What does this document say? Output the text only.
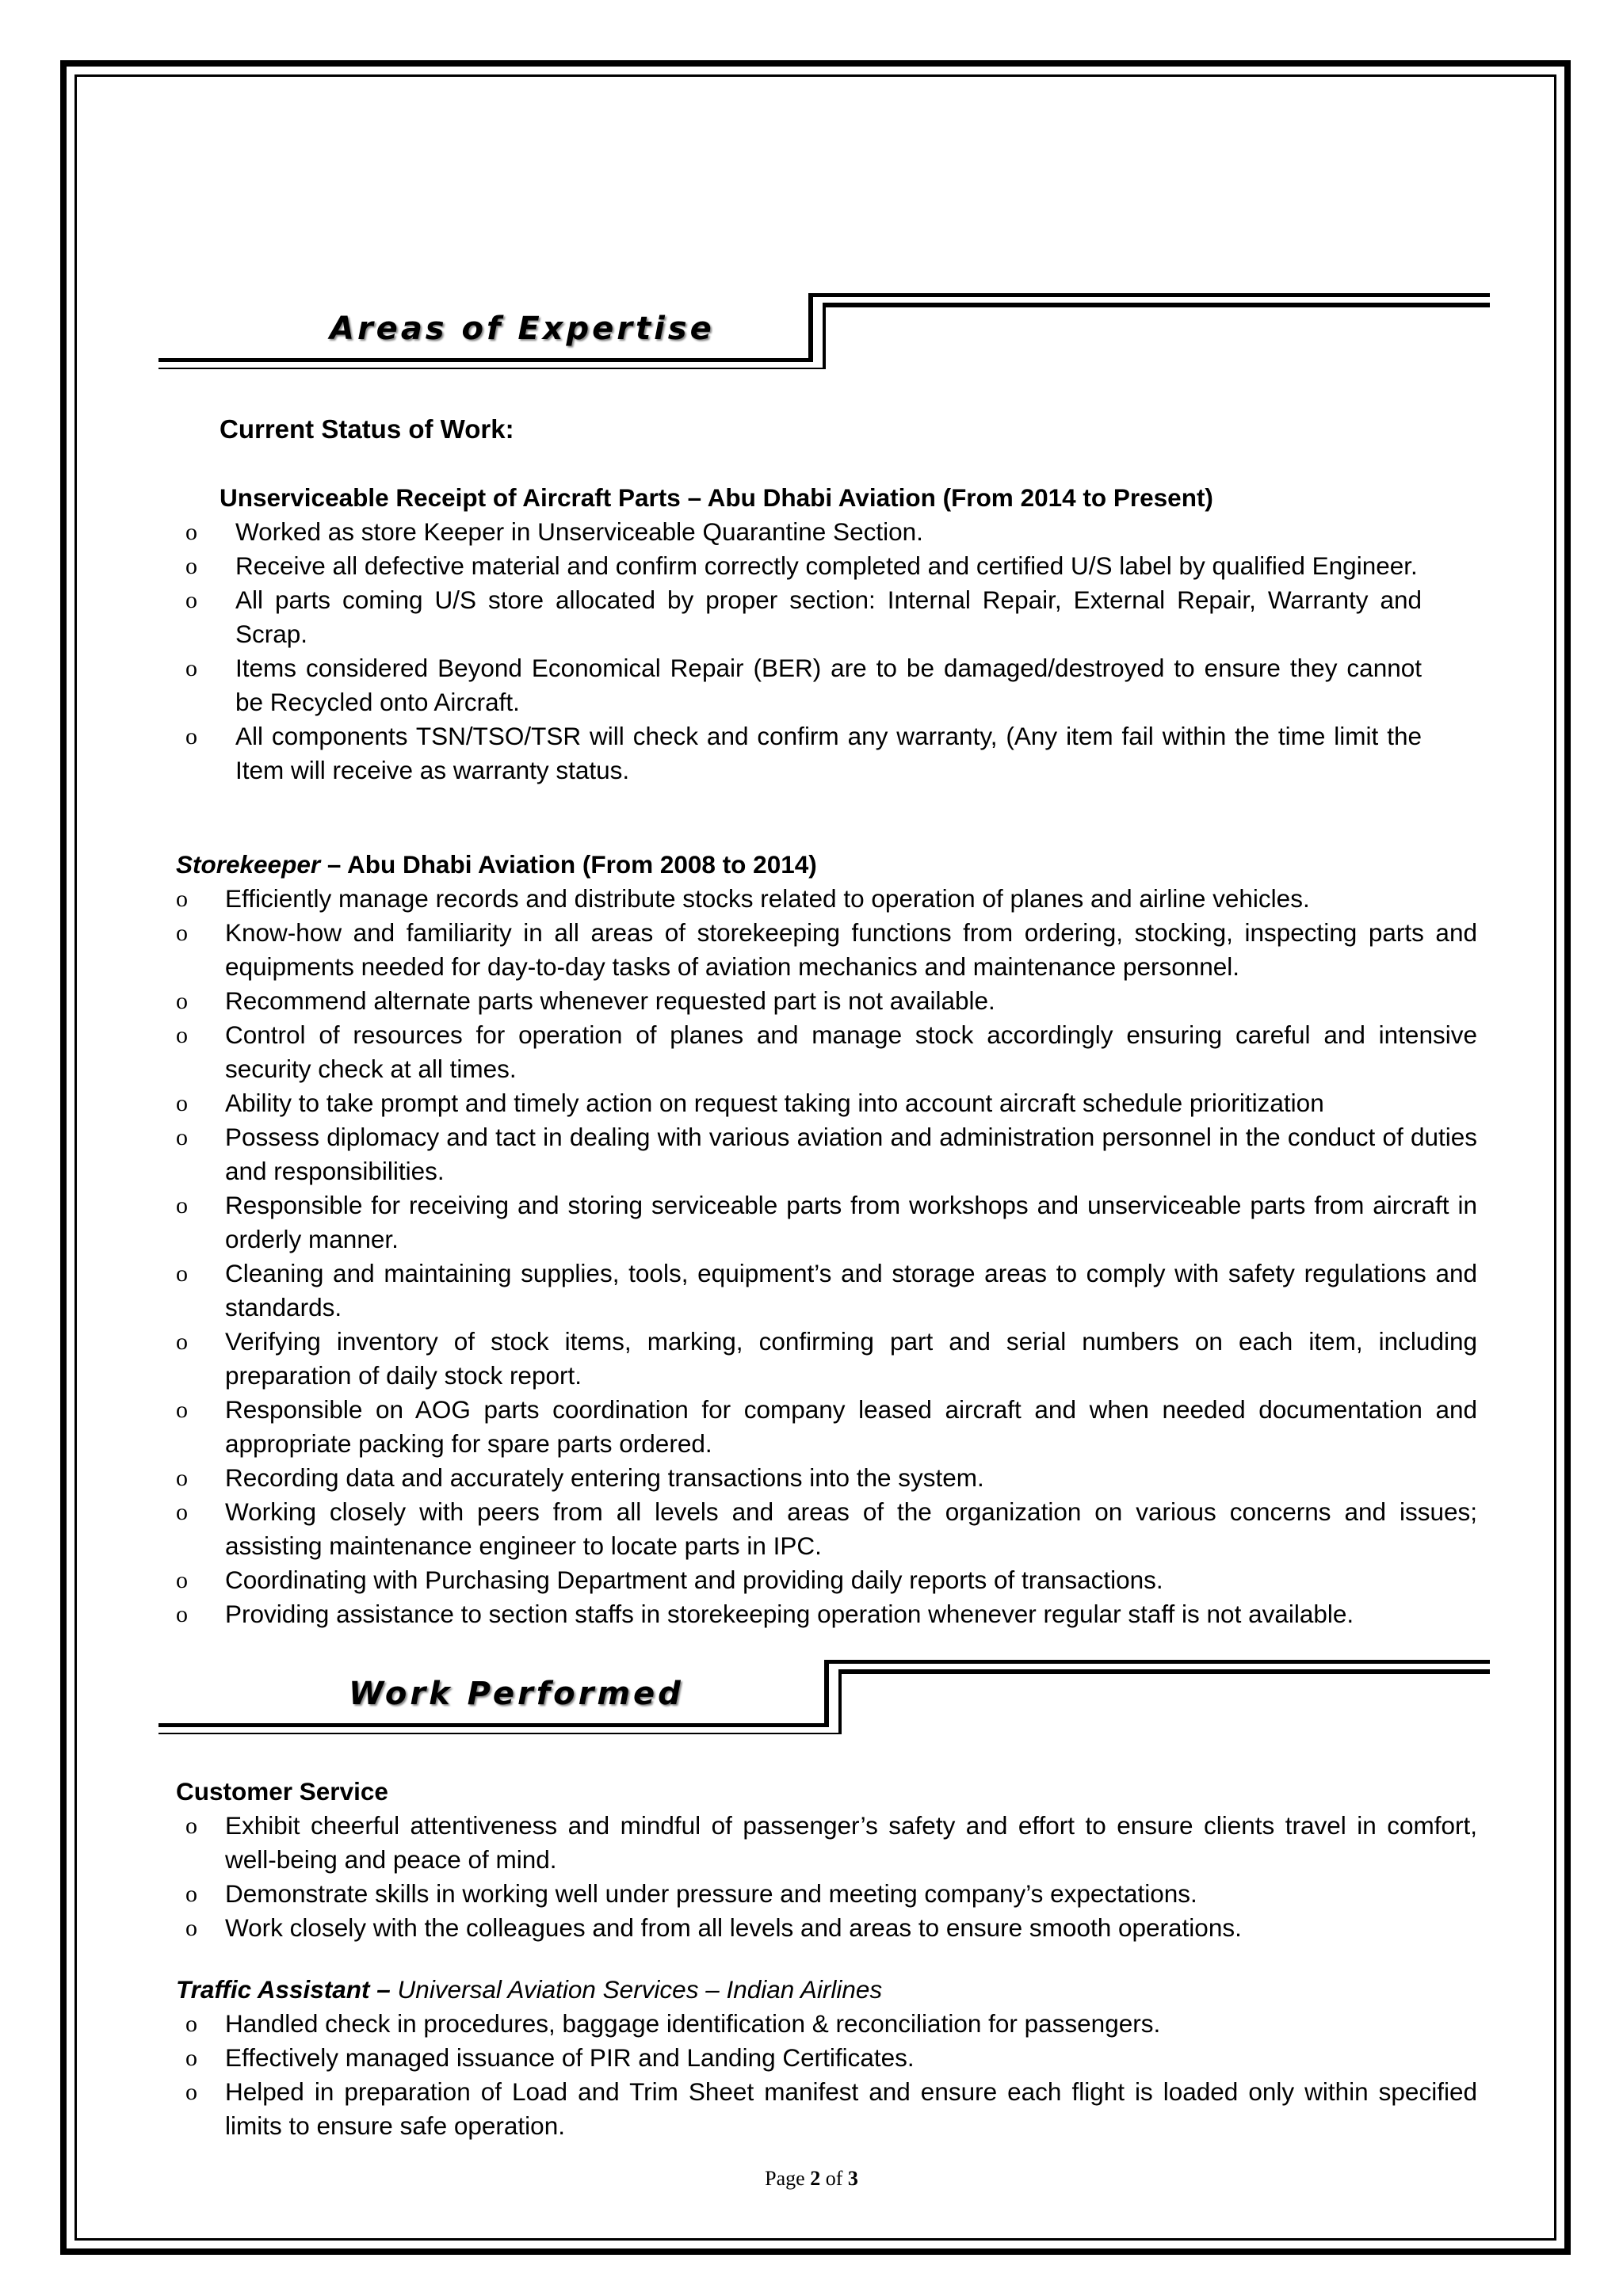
Areas of Expertise
Current Status of Work:
Unserviceable Receipt of Aircraft Parts – Abu Dhabi Aviation (From 2014 to Present)
o Worked as store Keeper in Unserviceable Quarantine Section.
o Receive all defective material and confirm correctly completed and certified U/S label by qualified Engineer.
o All parts coming U/S store allocated by proper section: Internal Repair, External Repair, Warranty and Scrap.
o Items considered Beyond Economical Repair (BER) are to be damaged/destroyed to ensure they cannot be Recycled onto Aircraft.
o All components TSN/TSO/TSR will check and confirm any warranty, (Any item fail within the time limit the Item will receive as warranty status.
Storekeeper – Abu Dhabi Aviation (From 2008 to 2014)
o Efficiently manage records and distribute stocks related to operation of planes and airline vehicles.
o Know-how and familiarity in all areas of storekeeping functions from ordering, stocking, inspecting parts and equipments needed for day-to-day tasks of aviation mechanics and maintenance personnel.
o Recommend alternate parts whenever requested part is not available.
o Control of resources for operation of planes and manage stock accordingly ensuring careful and intensive security check at all times.
o Ability to take prompt and timely action on request taking into account aircraft schedule prioritization
o Possess diplomacy and tact in dealing with various aviation and administration personnel in the conduct of duties and responsibilities.
o Responsible for receiving and storing serviceable parts from workshops and unserviceable parts from aircraft in orderly manner.
o Cleaning and maintaining supplies, tools, equipment’s and storage areas to comply with safety regulations and standards.
o Verifying inventory of stock items, marking, confirming part and serial numbers on each item, including preparation of daily stock report.
o Responsible on AOG parts coordination for company leased aircraft and when needed documentation and appropriate packing for spare parts ordered.
o Recording data and accurately entering transactions into the system.
o Working closely with peers from all levels and areas of the organization on various concerns and issues; assisting maintenance engineer to locate parts in IPC.
o Coordinating with Purchasing Department and providing daily reports of transactions.
o Providing assistance to section staffs in storekeeping operation whenever regular staff is not available.
Work Performed
Customer Service
o Exhibit cheerful attentiveness and mindful of passenger’s safety and effort to ensure clients travel in comfort, well-being and peace of mind.
o Demonstrate skills in working well under pressure and meeting company’s expectations.
o Work closely with the colleagues and from all levels and areas to ensure smooth operations.
Traffic Assistant – Universal Aviation Services – Indian Airlines
o Handled check in procedures, baggage identification & reconciliation for passengers.
o Effectively managed issuance of PIR and Landing Certificates.
o Helped in preparation of Load and Trim Sheet manifest and ensure each flight is loaded only within specified limits to ensure safe operation.
Page 2 of 3
